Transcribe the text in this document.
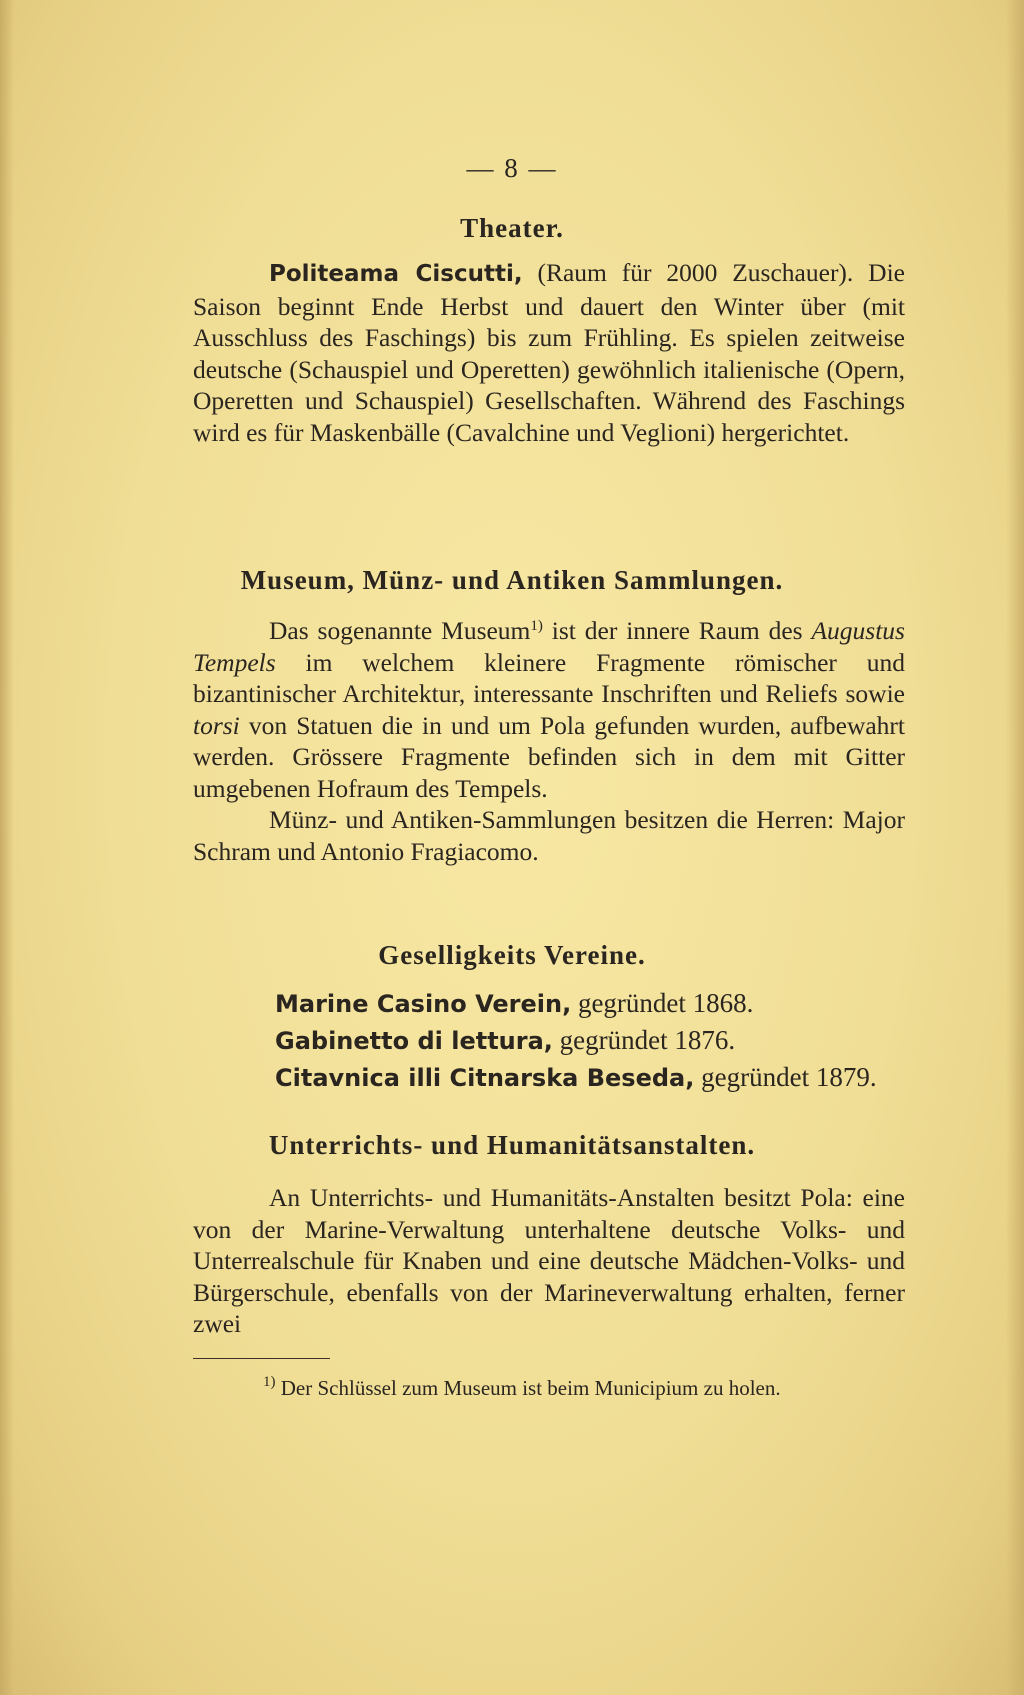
— 8 —
Theater.

Politeama Ciscutti, (Raum für 2000 Zuschauer). Die Saison beginnt Ende Herbst und dauert den Winter über (mit Ausschluss des Faschings) bis zum Frühling. Es spielen zeitweise deutsche (Schauspiel und Operetten) gewöhnlich italienische (Opern, Operetten und Schauspiel) Gesellschaften. Während des Faschings wird es für Maskenbälle (Cavalchine und Veglioni) hergerichtet.

Museum, Münz- und Antiken Sammlungen.

Das sogenannte Museum$^{1)}$ ist der innere Raum des Augustus Tempels im welchem kleinere Fragmente römischer und bizantinischer Architektur, interessante Inschriften und Reliefs sowie torsi von Statuen die in und um Pola gefunden wurden, aufbewahrt werden. Grössere Fragmente befinden sich in dem mit Gitter umgebenen Hofraum des Tempels.

Münz- und Antiken-Sammlungen besitzen die Herren: Major Schram und Antonio Fragiacomo.

Geselligkeits Vereine.
Marine Casino Verein, gegründet 1868.
Gabinetto di lettura, gegründet 1876.
Citavnica illi Citnarska Beseda, gegründet 1879.
Unterrichts- und Humanitätsanstalten.

An Unterrichts- und Humanitäts-Anstalten besitzt Pola: eine von der Marine-Verwaltung unterhaltene deutsche Volks- und Unterrealschule für Knaben und eine deutsche Mädchen-Volks- und Bürgerschule, ebenfalls von der Marineverwaltung erhalten, ferner zwei

$^{1)}$ Der Schlüssel zum Museum ist beim Municipium zu holen.
